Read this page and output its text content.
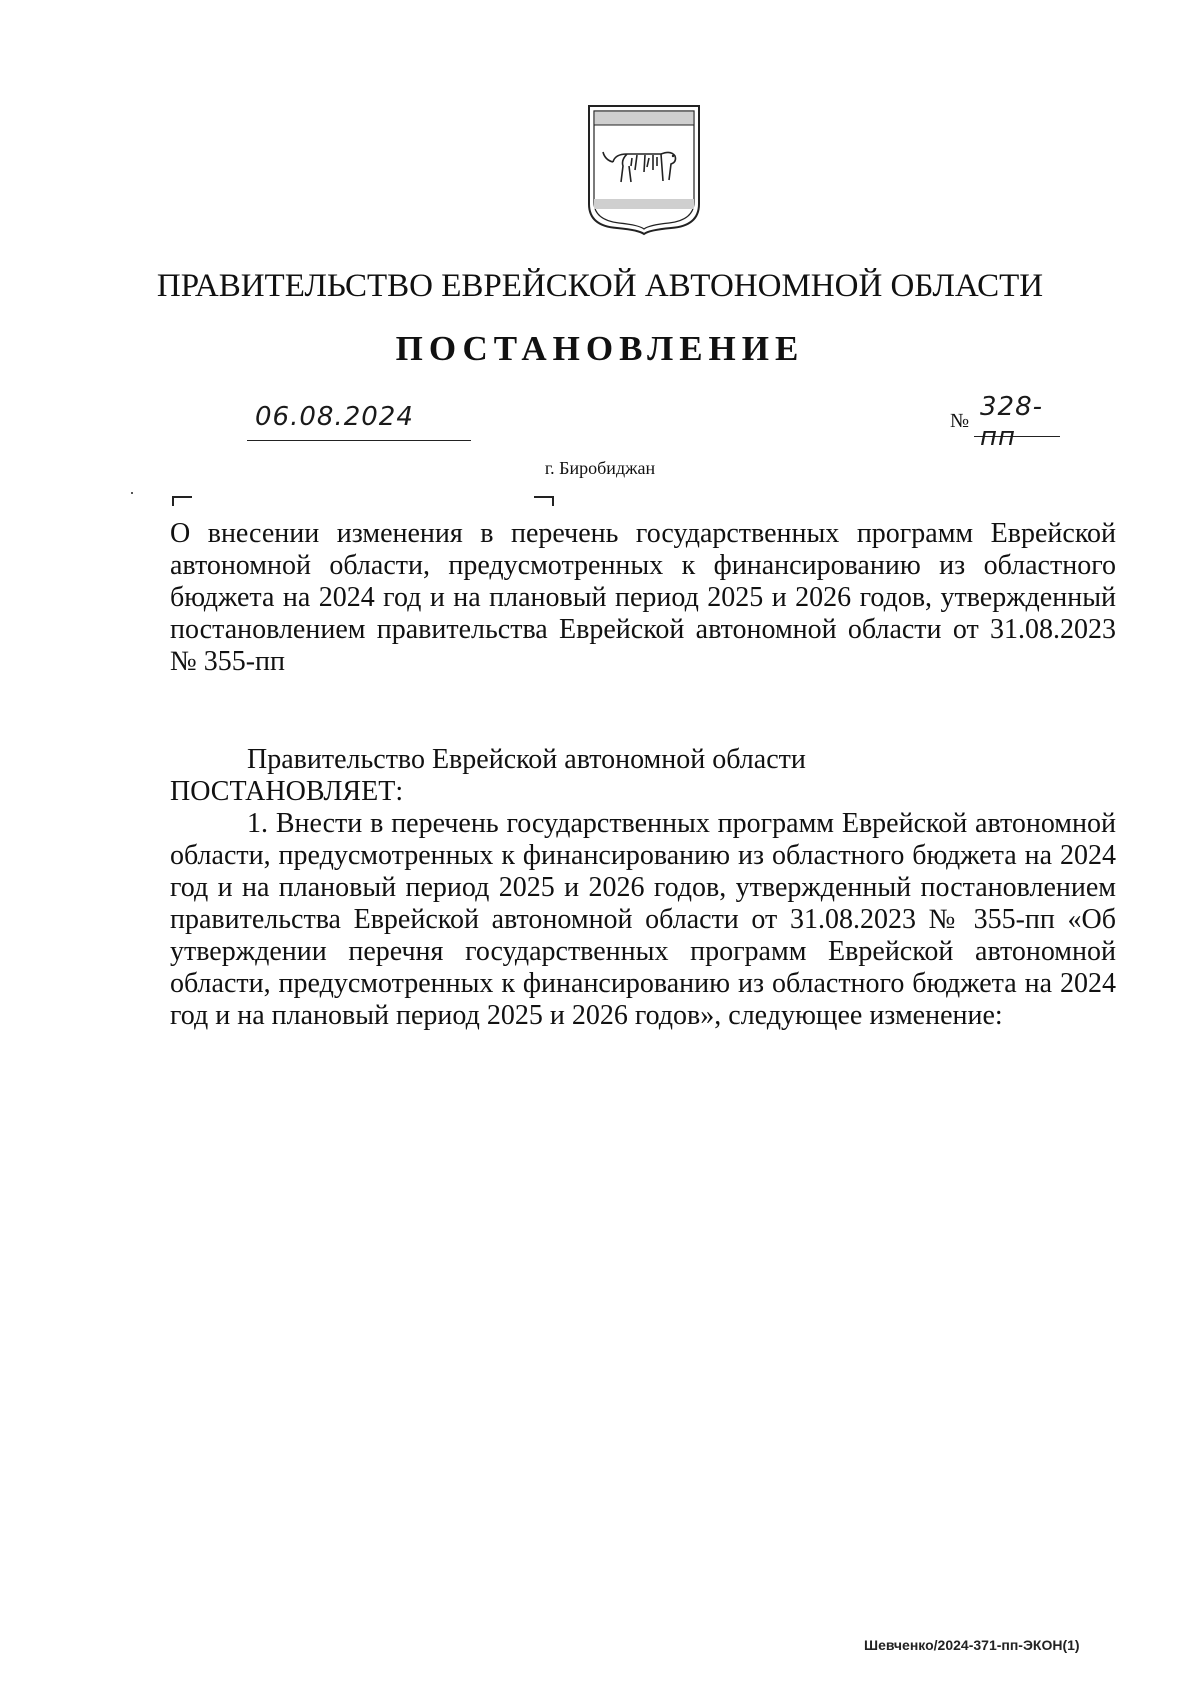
ПРАВИТЕЛЬСТВО ЕВРЕЙСКОЙ АВТОНОМНОЙ ОБЛАСТИ
ПОСТАНОВЛЕНИЕ
06.08.2024	№ 328-пп
г. Биробиджан
О внесении изменения в перечень государственных программ Еврейской автономной области, предусмотренных к финансированию из областного бюджета на 2024 год и на плановый период 2025 и 2026 годов, утвержденный постановлением правительства Еврейской автономной области от 31.08.2023 № 355-пп

Правительство Еврейской автономной области

ПОСТАНОВЛЯЕТ:

1. Внести в перечень государственных программ Еврейской автономной области, предусмотренных к финансированию из областного бюджета на 2024 год и на плановый период 2025 и 2026 годов, утвержденный постановлением правительства Еврейской автономной области от 31.08.2023 № 355-пп «Об утверждении перечня государственных программ Еврейской автономной области, предусмотренных к финансированию из областного бюджета на 2024 год и на плановый период 2025 и 2026 годов», следующее изменение:

Шевченко/2024-371-пп-ЭКОН(1)
